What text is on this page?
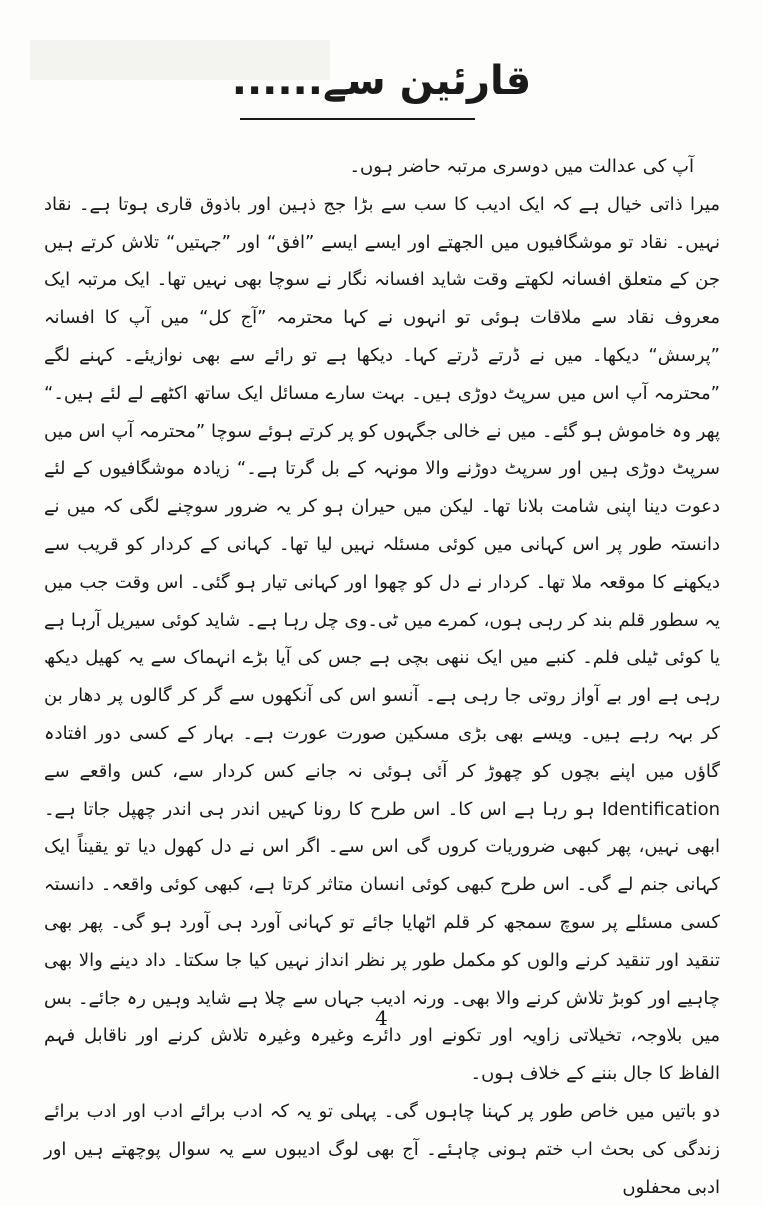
قارئین سے......

آپ کی عدالت میں دوسری مرتبہ حاضر ہوں۔

میرا ذاتی خیال ہے کہ ایک ادیب کا سب سے بڑا جج ذہین اور باذوق قاری ہوتا ہے۔ نقاد نہیں۔ نقاد تو موشگافیوں میں الجھتے اور ایسے ایسے ”افق“ اور ”جہتیں“ تلاش کرتے ہیں جن کے متعلق افسانہ لکھتے وقت شاید افسانہ نگار نے سوچا بھی نہیں تھا۔ ایک مرتبہ ایک معروف نقاد سے ملاقات ہوئی تو انہوں نے کہا محترمہ ”آج کل“ میں آپ کا افسانہ ”پرسش“ دیکھا۔ میں نے ڈرتے ڈرتے کہا۔ دیکھا ہے تو رائے سے بھی نوازیئے۔ کہنے لگے ”محترمہ آپ اس میں سرپٹ دوڑی ہیں۔ بہت سارے مسائل ایک ساتھ اکٹھے لے لئے ہیں۔“ پھر وہ خاموش ہو گئے۔ میں نے خالی جگہوں کو پر کرتے ہوئے سوچا ”محترمہ آپ اس میں سرپٹ دوڑی ہیں اور سرپٹ دوڑنے والا مونہہ کے بل گرتا ہے۔“ زیادہ موشگافیوں کے لئے دعوت دینا اپنی شامت بلانا تھا۔ لیکن میں حیران ہو کر یہ ضرور سوچنے لگی کہ میں نے دانستہ طور پر اس کہانی میں کوئی مسئلہ نہیں لیا تھا۔ کہانی کے کردار کو قریب سے دیکھنے کا موقعہ ملا تھا۔ کردار نے دل کو چھوا اور کہانی تیار ہو گئی۔ اس وقت جب میں یہ سطور قلم بند کر رہی ہوں، کمرے میں ٹی۔وی چل رہا ہے۔ شاید کوئی سیریل آرہا ہے یا کوئی ٹیلی فلم۔ کنبے میں ایک ننھی بچی ہے جس کی آیا بڑے انہماک سے یہ کھیل دیکھ رہی ہے اور بے آواز روتی جا رہی ہے۔ آنسو اس کی آنکھوں سے گر کر گالوں پر دھار بن کر بہہ رہے ہیں۔ ویسے بھی بڑی مسکین صورت عورت ہے۔ بہار کے کسی دور افتادہ گاؤں میں اپنے بچوں کو چھوڑ کر آئی ہوئی نہ جانے کس کردار سے، کس واقعے سے Identification ہو رہا ہے اس کا۔ اس طرح کا رونا کہیں اندر ہی اندر چھپل جاتا ہے۔ ابھی نہیں، پھر کبھی ضروریات کروں گی اس سے۔ اگر اس نے دل کھول دیا تو یقیناً ایک کہانی جنم لے گی۔ اس طرح کبھی کوئی انسان متاثر کرتا ہے، کبھی کوئی واقعہ۔ دانستہ کسی مسئلے پر سوچ سمجھ کر قلم اٹھایا جائے تو کہانی آورد ہی آورد ہو گی۔ پھر بھی تنقید اور تنقید کرنے والوں کو مکمل طور پر نظر انداز نہیں کیا جا سکتا۔ داد دینے والا بھی چاہیے اور کوبڑ تلاش کرنے والا بھی۔ ورنہ ادیب جہاں سے چلا ہے شاید وہیں رہ جائے۔ بس میں بلاوجہ، تخیلاتی زاویہ اور تکونے اور دائرے وغیرہ وغیرہ تلاش کرنے اور ناقابل فہم الفاظ کا جال بننے کے خلاف ہوں۔

دو باتیں میں خاص طور پر کہنا چاہوں گی۔ پہلی تو یہ کہ ادب برائے ادب اور ادب برائے زندگی کی بحث اب ختم ہونی چاہئے۔ آج بھی لوگ ادیبوں سے یہ سوال پوچھتے ہیں اور ادبی محفلوں

4
